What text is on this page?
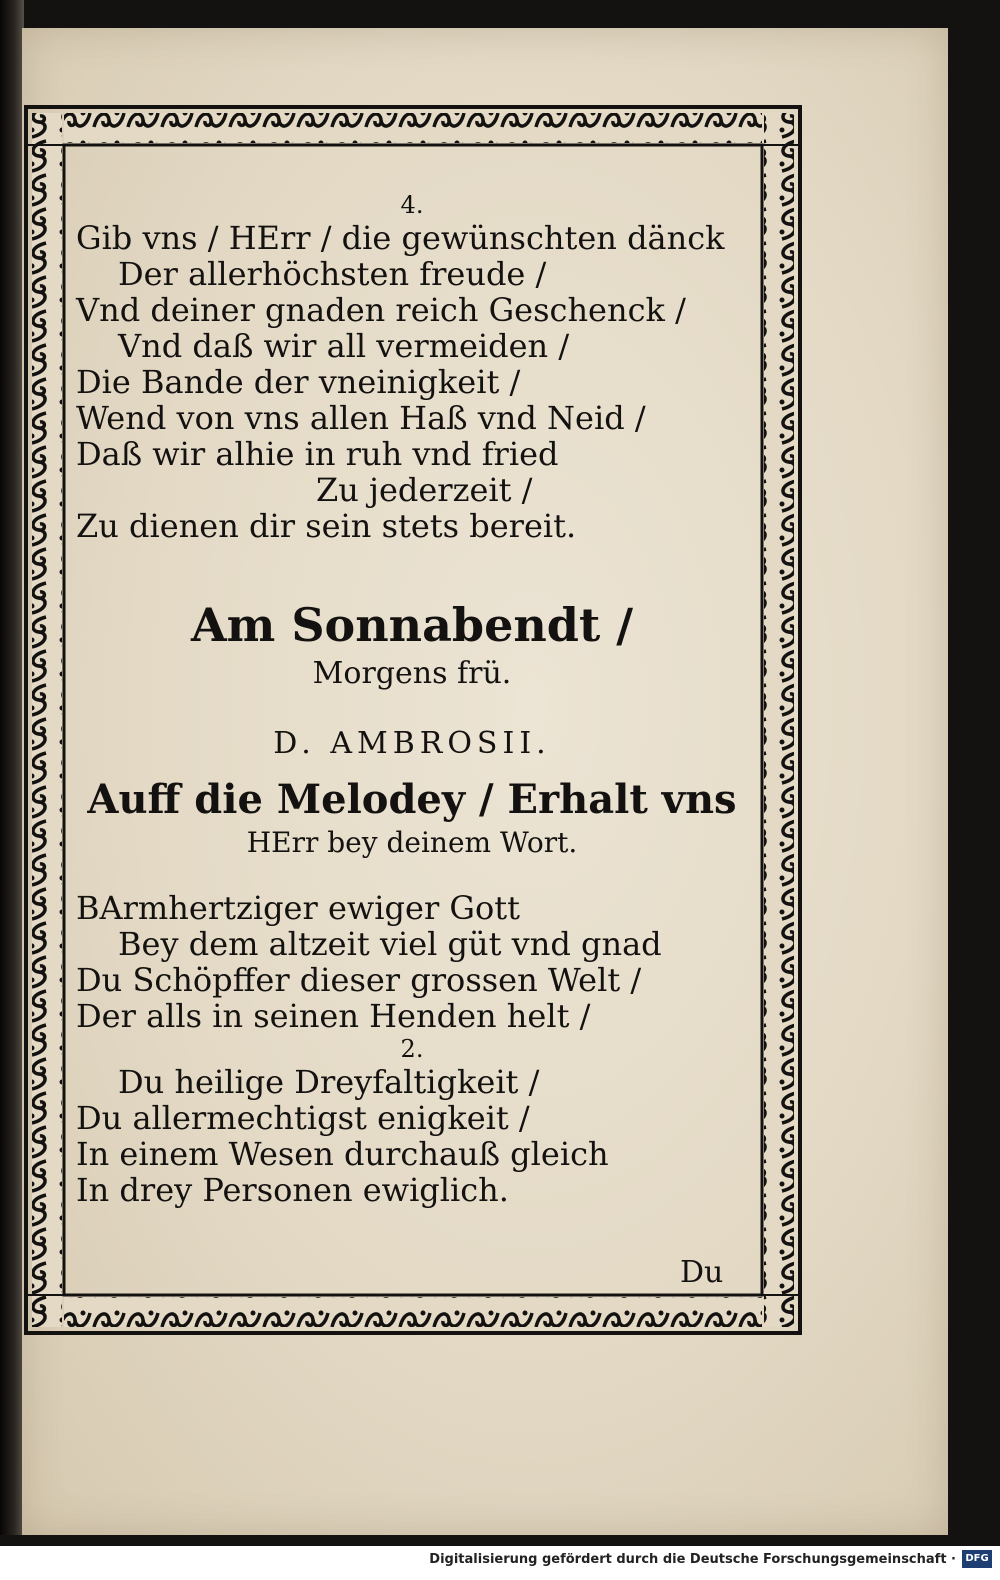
4.
Gib vns / HErr / die gewünschten dänck
Der allerhöchsten freude /
Vnd deiner gnaden reich Geschenck /
Vnd daß wir all vermeiden /
Die Bande der vneinigkeit /
Wend von vns allen Haß vnd Neid /
Daß wir alhie in ruh vnd fried
Zu jederzeit /
Zu dienen dir sein stets bereit.
Am Sonnabendt /
Morgens frü.
D. AMBROSII.
Auff die Melodey / Erhalt vns
HErr bey deinem Wort.
BArmhertziger ewiger Gott
Bey dem altzeit viel güt vnd gnad
Du Schöpffer dieser grossen Welt /
Der alls in seinen Henden helt /
2.
Du heilige Dreyfaltigkeit /
Du allermechtigst enigkeit /
In einem Wesen durchauß gleich
In drey Personen ewiglich.
Du
Digitalisierung gefördert durch die Deutsche Forschungsgemeinschaft · DFG
